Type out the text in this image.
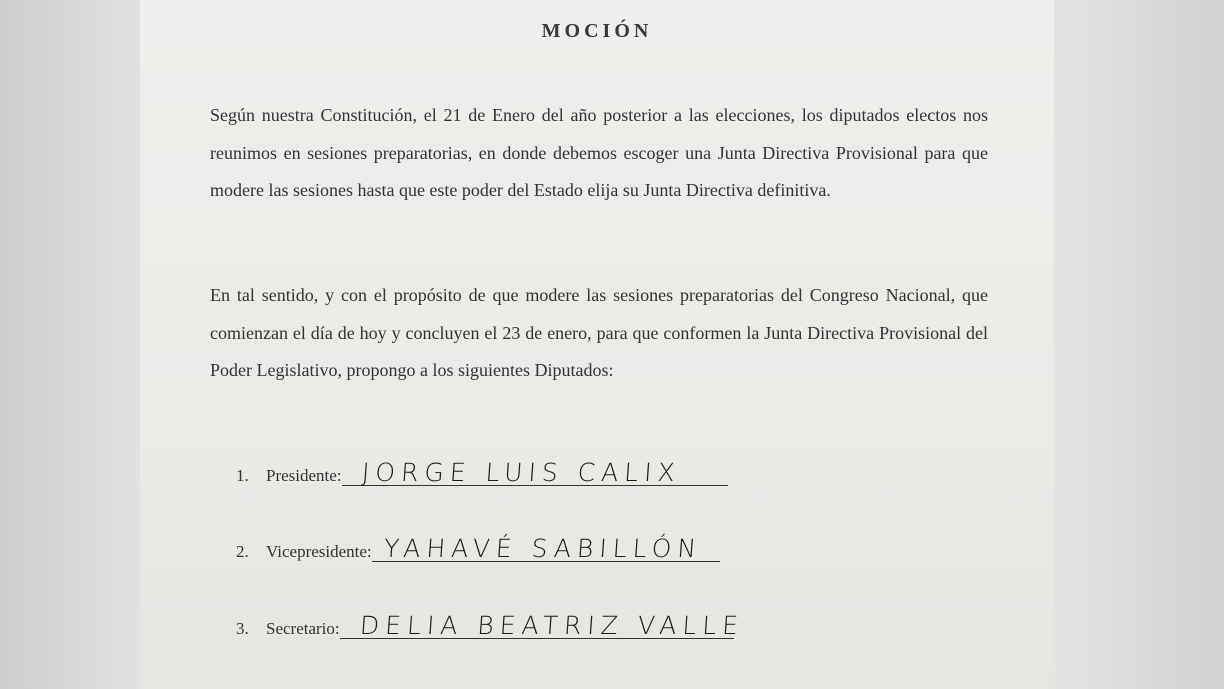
MOCIÓN
Según nuestra Constitución, el 21 de Enero del año posterior a las elecciones, los diputados electos nos reunimos en sesiones preparatorias, en donde debemos escoger una Junta Directiva Provisional para que modere las sesiones hasta que este poder del Estado elija su Junta Directiva definitiva.
En tal sentido, y con el propósito de que modere las sesiones preparatorias del Congreso Nacional, que comienzan el día de hoy y concluyen el 23 de enero, para que conformen la Junta Directiva Provisional del Poder Legislativo, propongo a los siguientes Diputados:
1.	Presidente: JORGE LUIS CALIX
2.	Vicepresidente: YAHAVÉ SABILLÓN
3.	Secretario: DELIA BEATRIZ VALLE
